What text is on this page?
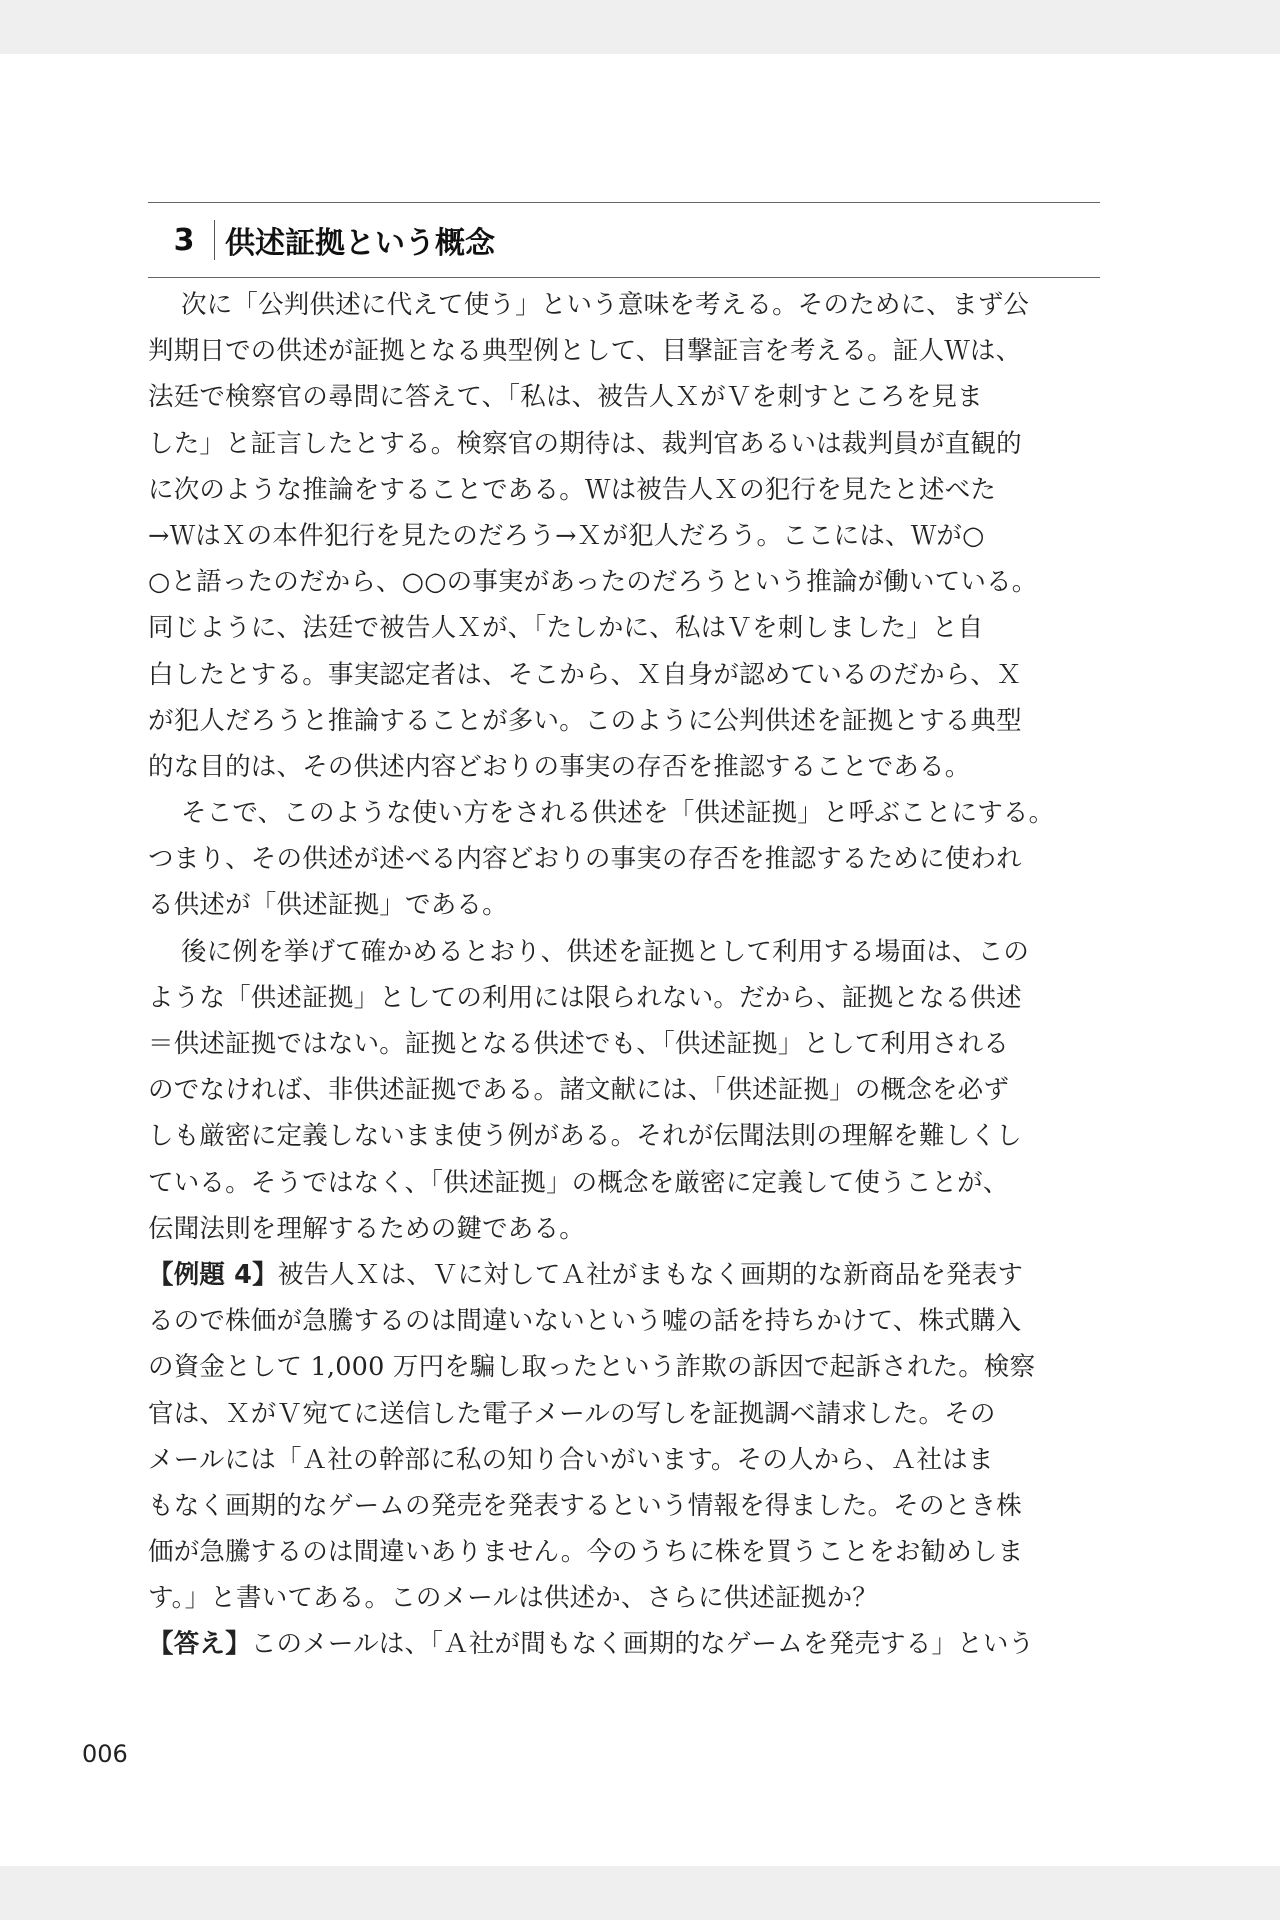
3	供述証拠という概念
次に「公判供述に代えて使う」という意味を考える。そのために、まず公
判期日での供述が証拠となる典型例として、目撃証言を考える。証人Ｗは、
法廷で検察官の尋問に答えて、「私は、被告人ＸがＶを刺すところを見ま
した」と証言したとする。検察官の期待は、裁判官あるいは裁判員が直観的
に次のような推論をすることである。Ｗは被告人Ｘの犯行を見たと述べた
→ＷはＸの本件犯行を見たのだろう→Ｘが犯人だろう。ここには、Ｗが○
○と語ったのだから、○○の事実があったのだろうという推論が働いている。
同じように、法廷で被告人Ｘが、「たしかに、私はＶを刺しました」と自
白したとする。事実認定者は、そこから、Ｘ自身が認めているのだから、Ｘ
が犯人だろうと推論することが多い。このように公判供述を証拠とする典型
的な目的は、その供述内容どおりの事実の存否を推認することである。
そこで、このような使い方をされる供述を「供述証拠」と呼ぶことにする。
つまり、その供述が述べる内容どおりの事実の存否を推認するために使われ
る供述が「供述証拠」である。
後に例を挙げて確かめるとおり、供述を証拠として利用する場面は、この
ような「供述証拠」としての利用には限られない。だから、証拠となる供述
＝供述証拠ではない。証拠となる供述でも、「供述証拠」として利用される
のでなければ、非供述証拠である。諸文献には、「供述証拠」の概念を必ず
しも厳密に定義しないまま使う例がある。それが伝聞法則の理解を難しくし
ている。そうではなく、「供述証拠」の概念を厳密に定義して使うことが、
伝聞法則を理解するための鍵である。
【例題 4】被告人Ｘは、Ｖに対してＡ社がまもなく画期的な新商品を発表す
るので株価が急騰するのは間違いないという嘘の話を持ちかけて、株式購入
の資金として 1,000 万円を騙し取ったという詐欺の訴因で起訴された。検察
官は、ＸがＶ宛てに送信した電子メールの写しを証拠調べ請求した。その
メールには「Ａ社の幹部に私の知り合いがいます。その人から、Ａ社はま
もなく画期的なゲームの発売を発表するという情報を得ました。そのとき株
価が急騰するのは間違いありません。今のうちに株を買うことをお勧めしま
す。」と書いてある。このメールは供述か、さらに供述証拠か？
【答え】このメールは、「Ａ社が間もなく画期的なゲームを発売する」という
006
